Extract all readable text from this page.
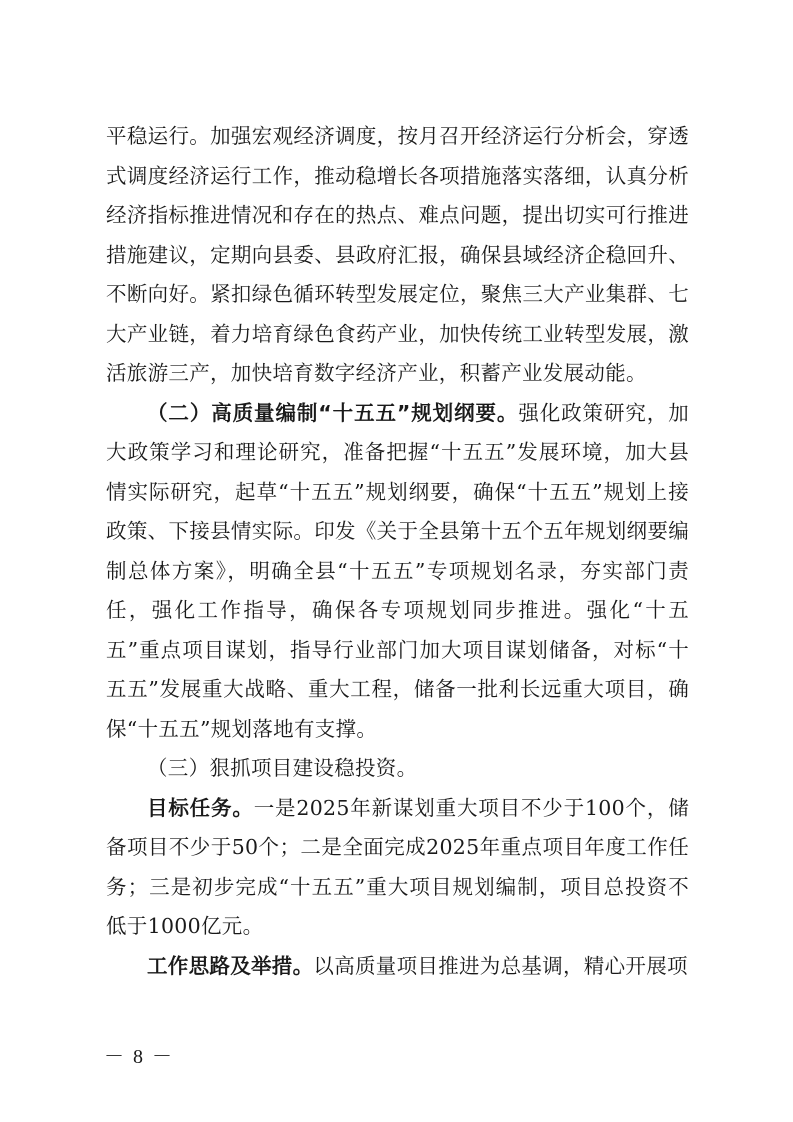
平稳运行。加强宏观经济调度，按月召开经济运行分析会，穿透式调度经济运行工作，推动稳增长各项措施落实落细，认真分析经济指标推进情况和存在的热点、难点问题，提出切实可行推进措施建议，定期向县委、县政府汇报，确保县域经济企稳回升、不断向好。紧扣绿色循环转型发展定位，聚焦三大产业集群、七大产业链，着力培育绿色食药产业，加快传统工业转型发展，激活旅游三产，加快培育数字经济产业，积蓄产业发展动能。

（二）高质量编制“十五五”规划纲要。强化政策研究，加大政策学习和理论研究，准备把握“十五五”发展环境，加大县情实际研究，起草“十五五”规划纲要，确保“十五五”规划上接政策、下接县情实际。印发《关于全县第十五个五年规划纲要编制总体方案》，明确全县“十五五”专项规划名录，夯实部门责任，强化工作指导，确保各专项规划同步推进。强化“十五五”重点项目谋划，指导行业部门加大项目谋划储备，对标“十五五”发展重大战略、重大工程，储备一批利长远重大项目，确保“十五五”规划落地有支撑。

（三）狠抓项目建设稳投资。

目标任务。一是2025年新谋划重大项目不少于100个，储备项目不少于50个；二是全面完成2025年重点项目年度工作任务；三是初步完成“十五五”重大项目规划编制，项目总投资不低于1000亿元。

工作思路及举措。以高质量项目推进为总基调，精心开展项

－ 8 －
